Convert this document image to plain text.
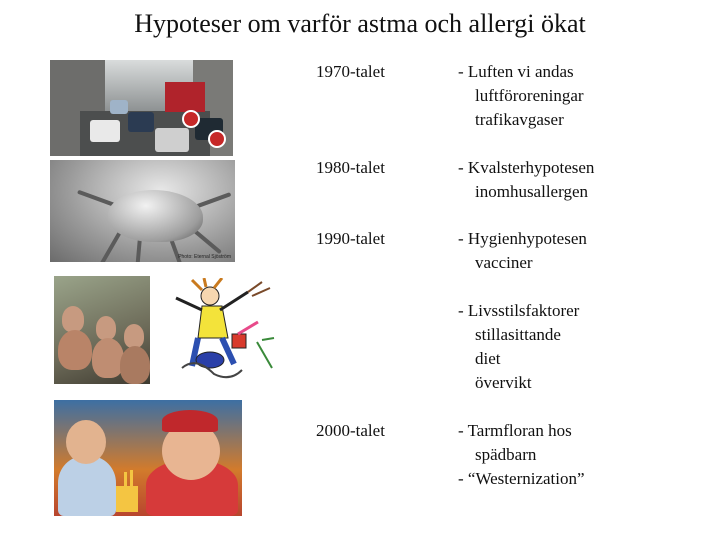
Hypoteser om varför astma och allergi ökat
Photo: Eternal Sjöström
1970-talet	- Luften vi andas
luftföroreningar
trafikavgaser
1980-talet	- Kvalsterhypotesen
inomhusallergen
1990-talet	- Hygienhypotesen
vacciner
- Livsstilsfaktorer
stillasittande
diet
övervikt
2000-talet	- Tarmfloran hos
spädbarn
- “Westernization”
